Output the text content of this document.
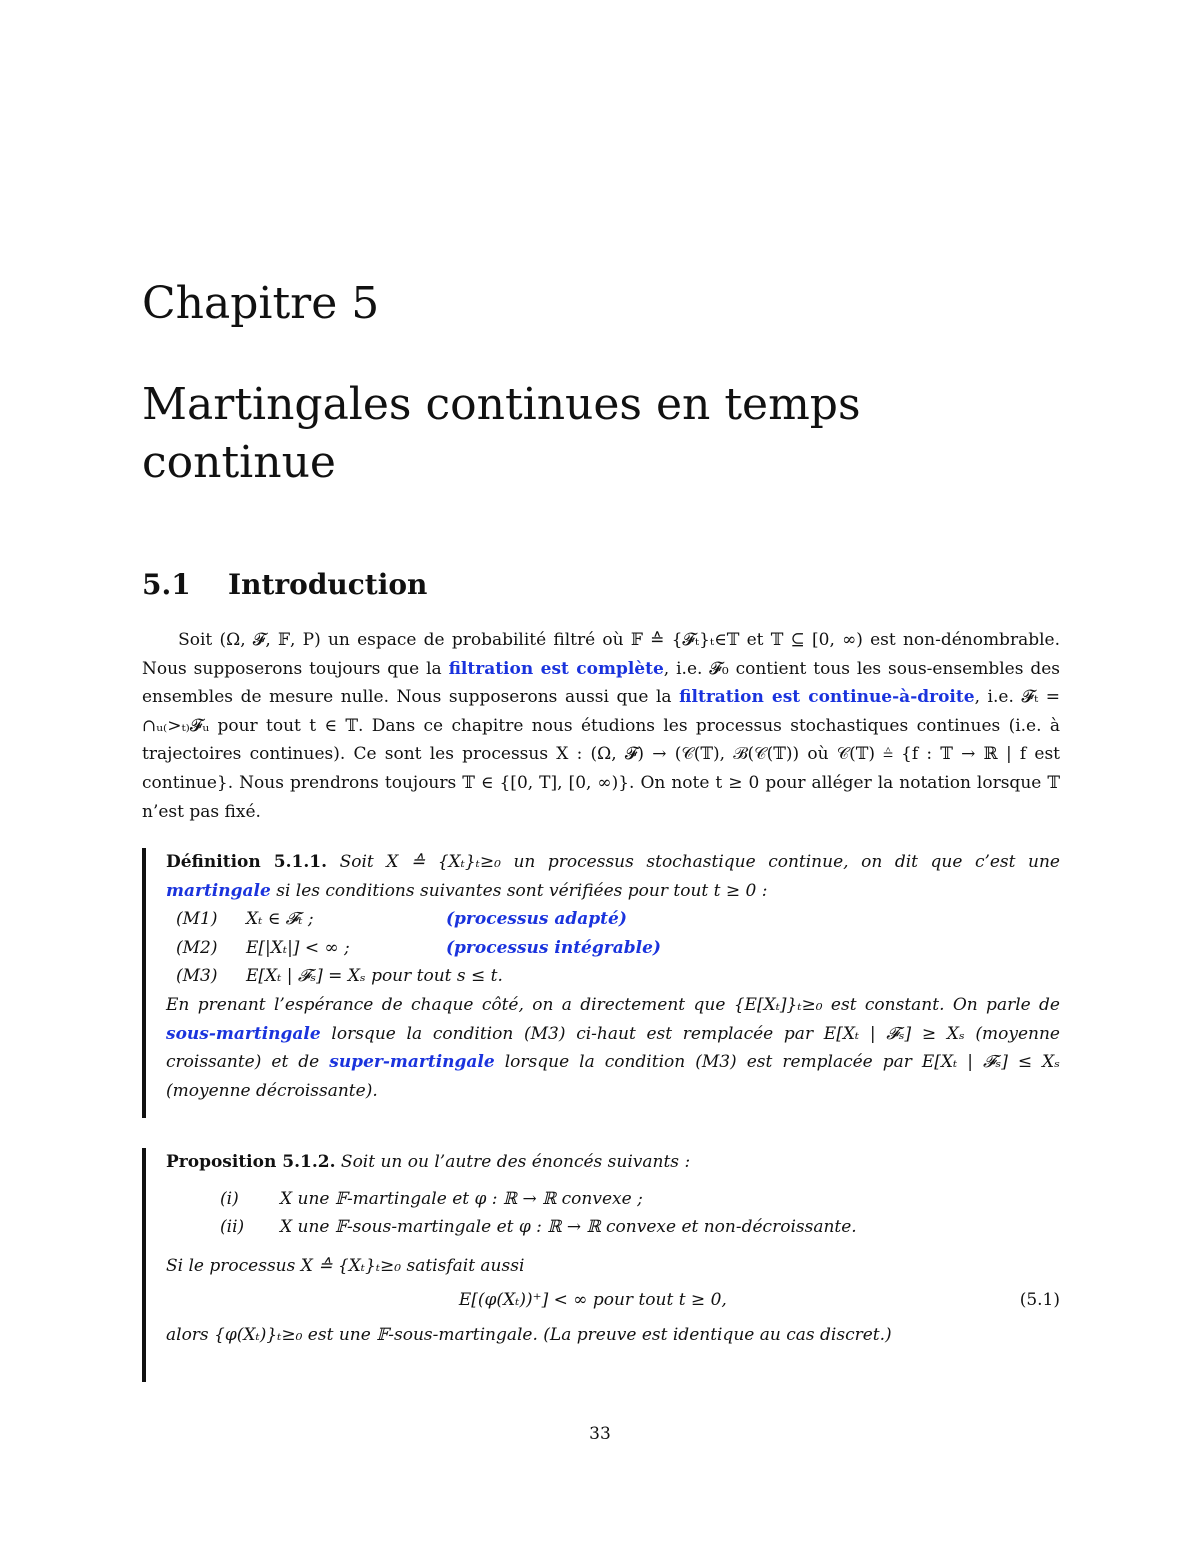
Chapitre 5
Martingales continues en temps continue
5.1 Introduction

Soit (Ω, 𝓕, 𝔽, P) un espace de probabilité filtré où 𝔽 ≙ {𝓕ₜ}ₜ∈𝕋 et 𝕋 ⊆ [0, ∞) est non-dénombrable. Nous supposerons toujours que la filtration est complète, i.e. 𝓕₀ contient tous les sous-ensembles des ensembles de mesure nulle. Nous supposerons aussi que la filtration est continue-à-droite, i.e. 𝓕ₜ = ∩ᵤ₍>ₜ₎𝓕ᵤ pour tout t ∈ 𝕋. Dans ce chapitre nous étudions les processus stochastiques continues (i.e. à trajectoires continues). Ce sont les processus X : (Ω, 𝓕) → (𝒞(𝕋), ℬ(𝒞(𝕋)) où 𝒞(𝕋) ≙ {f : 𝕋 → ℝ | f est continue}. Nous prendrons toujours 𝕋 ∈ {[0, T], [0, ∞)}. On note t ≥ 0 pour alléger la notation lorsque 𝕋 n’est pas fixé.

Définition 5.1.1. Soit X ≙ {Xₜ}ₜ≥₀ un processus stochastique continue, on dit que c’est une martingale si les conditions suivantes sont vérifiées pour tout t ≥ 0 :

(M1) Xₜ ∈ 𝓕ₜ ;	(processus adapté)
(M2) E[|Xₜ|] < ∞ ;	(processus intégrable)
(M3) E[Xₜ | 𝓕ₛ] = Xₛ pour tout s ≤ t.

En prenant l’espérance de chaque côté, on a directement que {E[Xₜ]}ₜ≥₀ est constant. On parle de sous-martingale lorsque la condition (M3) ci-haut est remplacée par E[Xₜ | 𝓕ₛ] ≥ Xₛ (moyenne croissante) et de super-martingale lorsque la condition (M3) est remplacée par E[Xₜ | 𝓕ₛ] ≤ Xₛ (moyenne décroissante).

Proposition 5.1.2. Soit un ou l’autre des énoncés suivants :

(i) X une 𝔽-martingale et φ : ℝ → ℝ convexe ;
(ii) X une 𝔽-sous-martingale et φ : ℝ → ℝ convexe et non-décroissante.

Si le processus X ≙ {Xₜ}ₜ≥₀ satisfait aussi

E[(φ(Xₜ))⁺] < ∞ pour tout t ≥ 0,	(5.1)

alors {φ(Xₜ)}ₜ≥₀ est une 𝔽-sous-martingale. (La preuve est identique au cas discret.)

33
